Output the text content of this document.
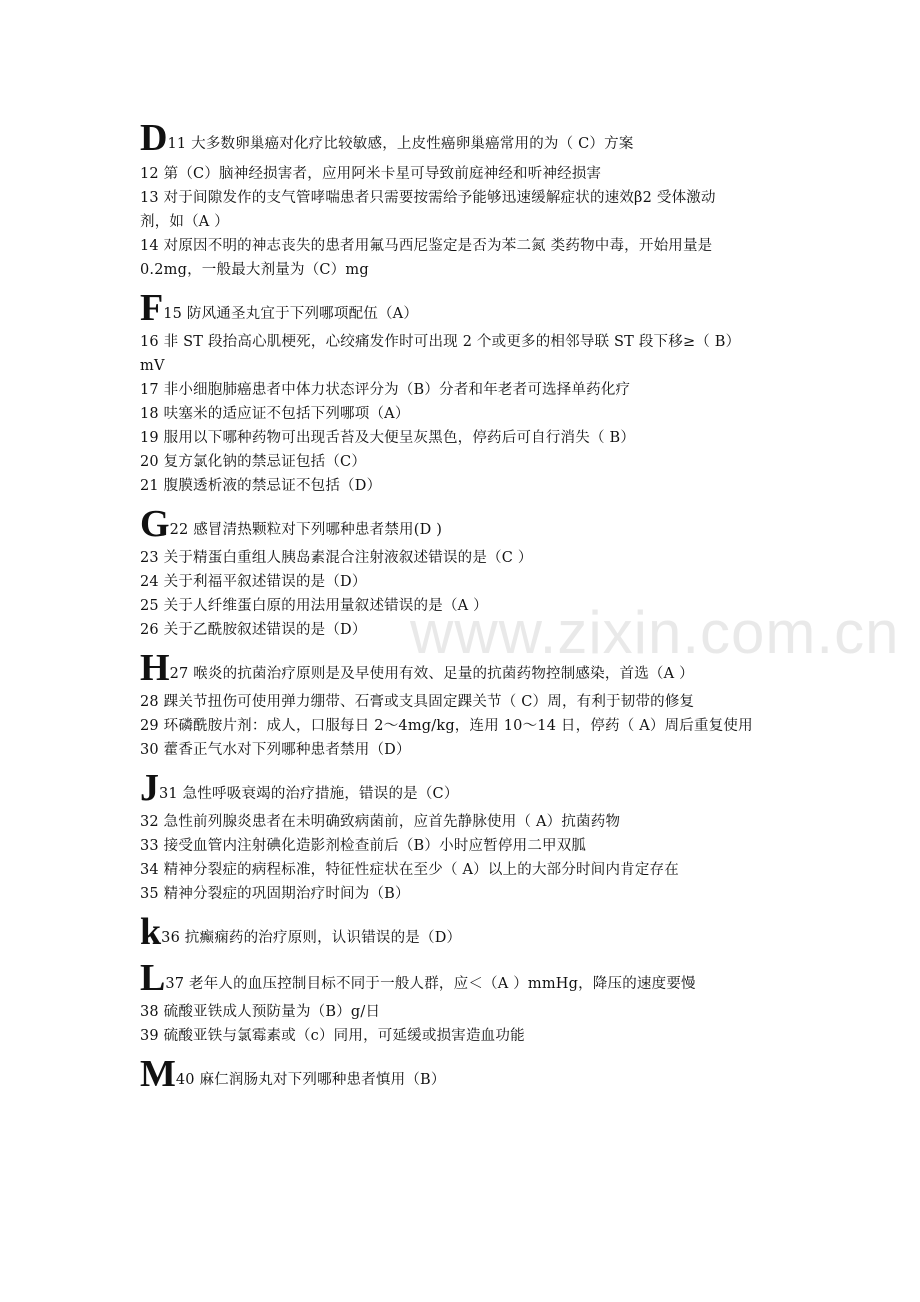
www.zixin.com.cn
D 11 大多数卵巢癌对化疗比较敏感，上皮性癌卵巢癌常用的为（ C）方案
12 第（C）脑神经损害者，应用阿米卡星可导致前庭神经和听神经损害
13 对于间隙发作的支气管哮喘患者只需要按需给予能够迅速缓解症状的速效β2 受体激动
剂，如（A ）
14 对原因不明的神志丧失的患者用氟马西尼鉴定是否为苯二氮 类药物中毒，开始用量是
0.2mg，一般最大剂量为（C）mg
F 15 防风通圣丸宜于下列哪项配伍（A）
16 非 ST 段抬高心肌梗死，心绞痛发作时可出现 2 个或更多的相邻导联 ST 段下移≥（ B）
mV
17 非小细胞肺癌患者中体力状态评分为（B）分者和年老者可选择单药化疗
18 呋塞米的适应证不包括下列哪项（A）
19 服用以下哪种药物可出现舌苔及大便呈灰黑色，停药后可自行消失（ B）
20 复方氯化钠的禁忌证包括（C）
21 腹膜透析液的禁忌证不包括（D）
G 22 感冒清热颗粒对下列哪种患者禁用(D )
23 关于精蛋白重组人胰岛素混合注射液叙述错误的是（C ）
24 关于利福平叙述错误的是（D）
25 关于人纤维蛋白原的用法用量叙述错误的是（A ）
26 关于乙酰胺叙述错误的是（D）
H 27 喉炎的抗菌治疗原则是及早使用有效、足量的抗菌药物控制感染，首选（A ）
28 踝关节扭伤可使用弹力绷带、石膏或支具固定踝关节（ C）周，有利于韧带的修复
29 环磷酰胺片剂：成人，口服每日 2～4mg/kg，连用 10～14 日，停药（ A）周后重复使用
30 藿香正气水对下列哪种患者禁用（D）
J 31 急性呼吸衰竭的治疗措施，错误的是（C）
32 急性前列腺炎患者在未明确致病菌前，应首先静脉使用（ A）抗菌药物
33 接受血管内注射碘化造影剂检查前后（B）小时应暂停用二甲双胍
34 精神分裂症的病程标准，特征性症状在至少（ A）以上的大部分时间内肯定存在
35 精神分裂症的巩固期治疗时间为（B）
k 36 抗癫痫药的治疗原则，认识错误的是（D）
L 37 老年人的血压控制目标不同于一般人群，应＜（A ）mmHg，降压的速度要慢
38 硫酸亚铁成人预防量为（B）g/日
39 硫酸亚铁与氯霉素或（c）同用，可延缓或损害造血功能
M 40 麻仁润肠丸对下列哪种患者慎用（B）
